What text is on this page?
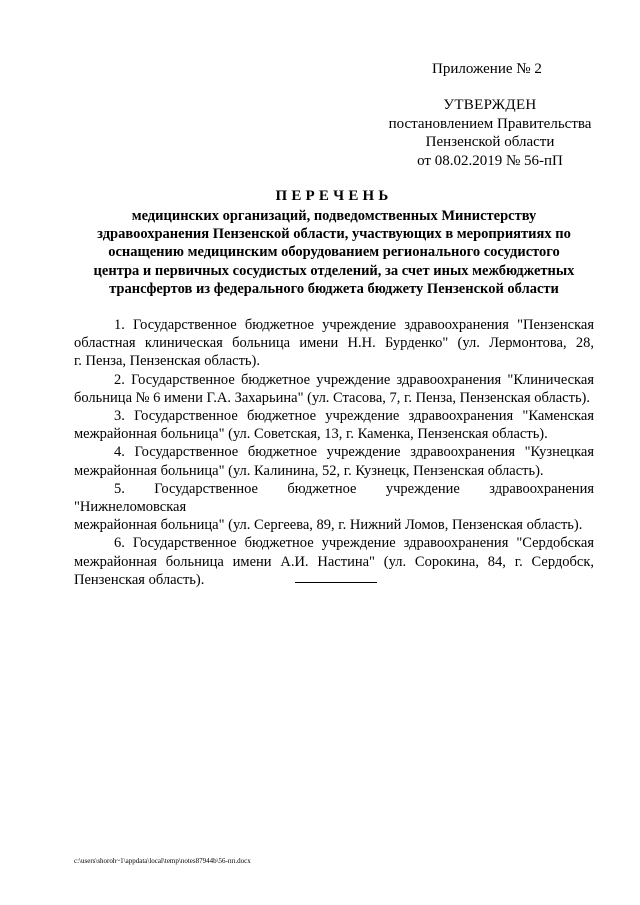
Приложение № 2
УТВЕРЖДЕН
постановлением Правительства
Пензенской области
от 08.02.2019 № 56-пП
ПЕРЕЧЕНЬ
медицинских организаций, подведомственных Министерству
здравоохранения Пензенской области, участвующих в мероприятиях по
оснащению медицинским оборудованием регионального сосудистого
центра и первичных сосудистых отделений, за счет иных межбюджетных
трансфертов из федерального бюджета бюджету Пензенской области
1. Государственное бюджетное учреждение здравоохранения "Пензенская
областная клиническая больница имени Н.Н. Бурденко" (ул. Лермонтова, 28,
г. Пенза, Пензенская область).
2. Государственное бюджетное учреждение здравоохранения "Клиническая
больница № 6 имени Г.А. Захарьина" (ул. Стасова, 7, г. Пенза, Пензенская область).
3. Государственное бюджетное учреждение здравоохранения "Каменская
межрайонная больница" (ул. Советская, 13, г. Каменка, Пензенская область).
4. Государственное бюджетное учреждение здравоохранения "Кузнецкая
межрайонная больница" (ул. Калинина, 52, г. Кузнецк, Пензенская область).
5. Государственное бюджетное учреждение здравоохранения "Нижнеломовская
межрайонная больница" (ул. Сергеева, 89, г. Нижний Ломов, Пензенская область).
6. Государственное бюджетное учреждение здравоохранения "Сердобская
межрайонная больница имени А.И. Настина" (ул. Сорокина, 84, г. Сердобск,
Пензенская область).
c:\users\shoroh~1\appdata\local\temp\notes87944b\56-пп.docx
